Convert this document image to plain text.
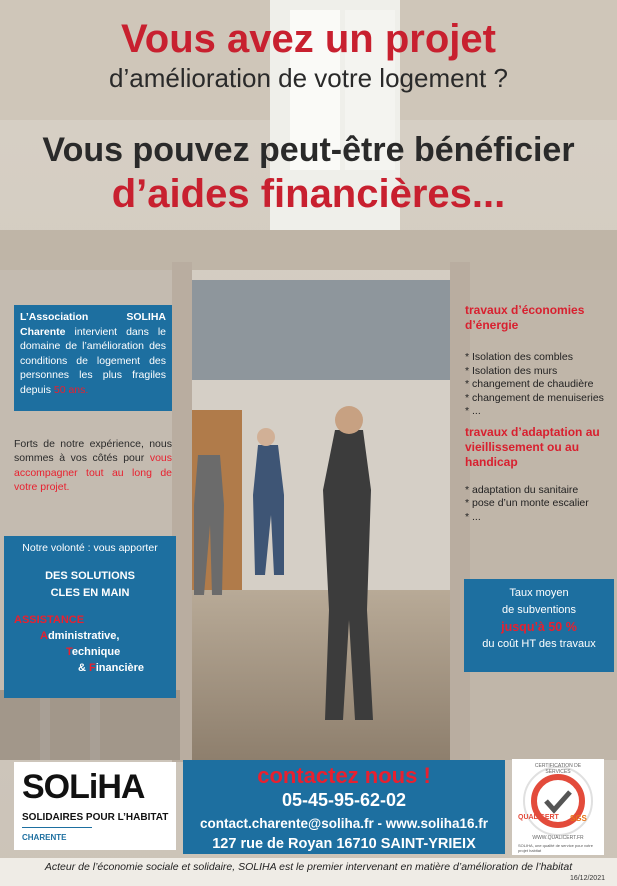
Vous avez un projet
d’amélioration de votre logement ?
Vous pouvez peut-être bénéficier
d’aides financières...
L’Association SOLIHA Charente intervient dans le domaine de l’amélioration des conditions de logement des personnes les plus fragiles depuis 50 ans.
Forts de notre expérience, nous sommes à vos côtés pour vous accompagner tout au long de votre projet.
Notre volonté : vous apporter
DES SOLUTIONS
CLES EN MAIN
ASSISTANCE
Administrative,
Technique
& Financière
travaux d’économies d’énergie
* Isolation des combles
* Isolation des murs
* changement de chaudière
* changement de menuiseries
* ...
travaux d’adaptation au vieillissement ou au handicap
* adaptation du sanitaire
* pose d’un monte escalier
* ...
Taux moyen
de subventions
jusqu’à 50 %
du coût HT des travaux
SOLiHA
SOLIDAIRES POUR L’HABITAT
CHARENTE
contactez nous !
05-45-95-62-02
contact.charente@soliha.fr - www.soliha16.fr
127 rue de Royan 16710 SAINT-YRIEIX
CERTIFICATION DE SERVICES
QUALICERT SGS
WWW.QUALICERT.FR
SOLIHA, une qualité de service pour votre projet habitat
Acteur de l’économie sociale et solidaire, SOLIHA est le premier intervenant en matière d’amélioration de l’habitat
16/12/2021
